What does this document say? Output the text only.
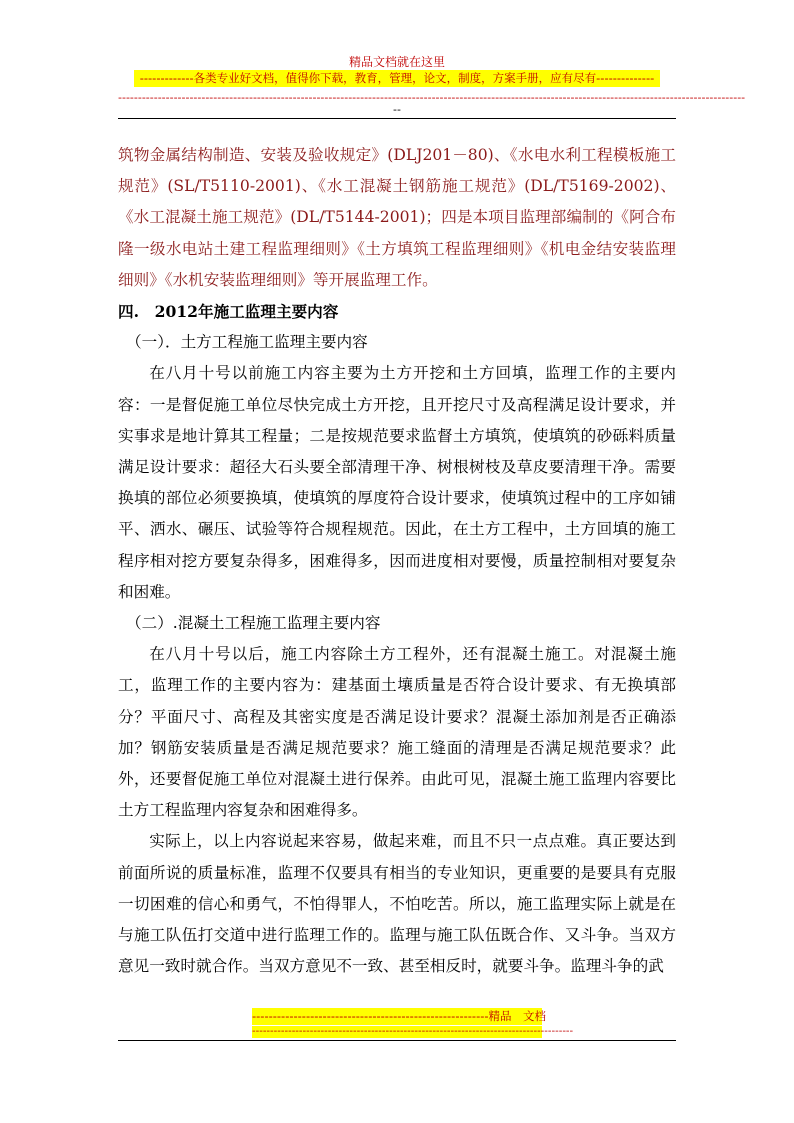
精品文档就在这里
-------------各类专业好文档，值得你下载，教育，管理，论文，制度，方案手册，应有尽有--------------
--------------------------------------------------------------------------------------------------------------------------------------------------------------
--

筑物金属结构制造、安装及验收规定》(DLJ201－80)、《水电水利工程模板施工规范》(SL/T5110-2001)、《水工混凝土钢筋施工规范》(DL/T5169-2002)、《水工混凝土施工规范》(DL/T5144-2001)；四是本项目监理部编制的《阿合布隆一级水电站土建工程监理细则》《土方填筑工程监理细则》《机电金结安装监理细则》《水机安装监理细则》等开展监理工作。

四.　2012年施工监理主要内容

（一）．土方工程施工监理主要内容

在八月十号以前施工内容主要为土方开挖和土方回填，监理工作的主要内容：一是督促施工单位尽快完成土方开挖，且开挖尺寸及高程满足设计要求，并实事求是地计算其工程量；二是按规范要求监督土方填筑，使填筑的砂砾料质量满足设计要求：超径大石头要全部清理干净、树根树枝及草皮要清理干净。需要换填的部位必须要换填，使填筑的厚度符合设计要求，使填筑过程中的工序如铺平、洒水、碾压、试验等符合规程规范。因此，在土方工程中，土方回填的施工程序相对挖方要复杂得多，困难得多，因而进度相对要慢，质量控制相对要复杂和困难。

（二）.混凝土工程施工监理主要内容

在八月十号以后，施工内容除土方工程外，还有混凝土施工。对混凝土施工，监理工作的主要内容为：建基面土壤质量是否符合设计要求、有无换填部分？平面尺寸、高程及其密实度是否满足设计要求？混凝土添加剂是否正确添加？钢筋安装质量是否满足规范要求？施工缝面的清理是否满足规范要求？此外，还要督促施工单位对混凝土进行保养。由此可见，混凝土施工监理内容要比土方工程监理内容复杂和困难得多。

实际上，以上内容说起来容易，做起来难，而且不只一点点难。真正要达到前面所说的质量标准，监理不仅要具有相当的专业知识，更重要的是要具有克服一切困难的信心和勇气，不怕得罪人，不怕吃苦。所以，施工监理实际上就是在与施工队伍打交道中进行监理工作的。监理与施工队伍既合作、又斗争。当双方意见一致时就合作。当双方意见不一致、甚至相反时，就要斗争。监理斗争的武

---------------------------------------------------------精品　文档
-----------------------------------------------------------------------------------------
